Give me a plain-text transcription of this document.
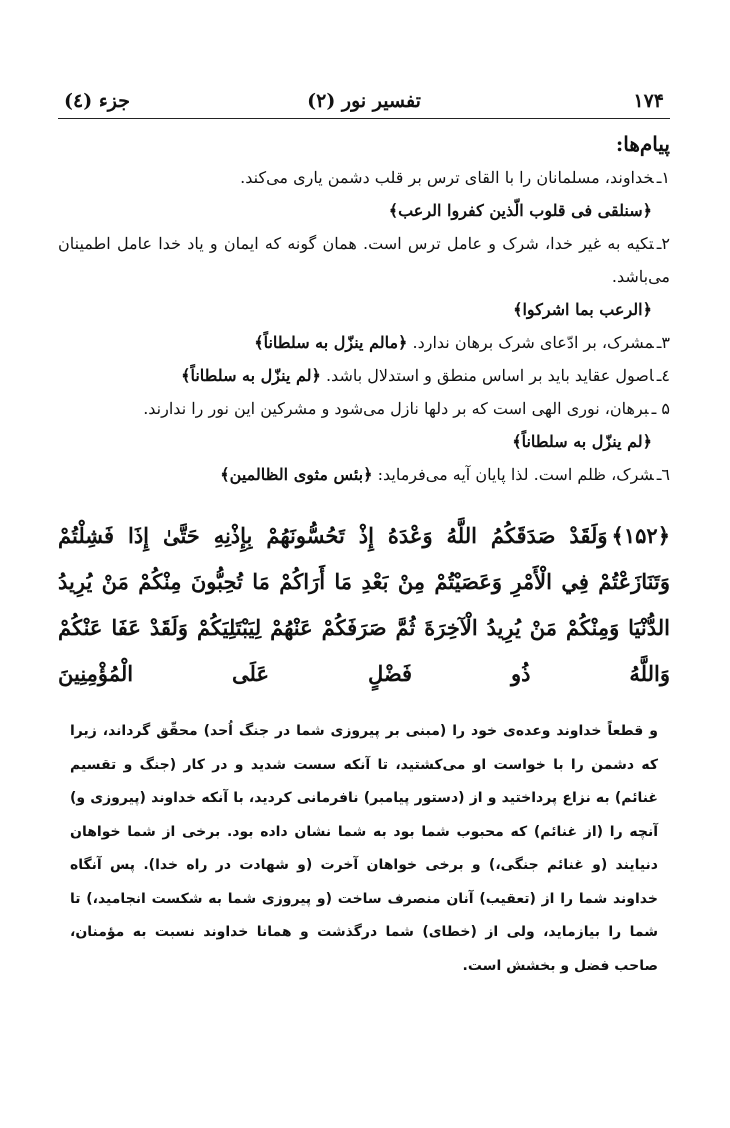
۱۷۴
تفسیر نور (۲)
جزء (٤)
پیام‌ها:

۱ـخداوند، مسلمانان را با القای ترس بر قلب دشمن یاری می‌کند.
﴿سنلقی فی قلوب الّذین کفروا الرعب﴾

۲ـتکیه به غیر خدا، شرک و عامل ترس است. همان گونه که ایمان و یاد خدا عامل اطمینان می‌باشد.
﴿الرعب بما اشرکوا﴾

۳ـمشرک، بر ادّعای شرک برهان ندارد. ﴿مالم ینزّل به سلطاناً﴾

٤ـاصول عقاید باید بر اساس منطق و استدلال باشد. ﴿لم ینزّل به سلطاناً﴾

۵ ـبرهان، نوری الهی است که بر دلها نازل می‌شود و مشرکین این نور را ندارند.
﴿لم ینزّل به سلطاناً﴾

٦ـشرک، ظلم است. لذا پایان آیه می‌فرماید: ﴿بئس مثوی الظالمین﴾

﴿۱۵۲﴾وَلَقَدْ صَدَقَكُمُ اللَّهُ وَعْدَهُ إِذْ تَحُسُّونَهُمْ بِإِذْنِهِ حَتَّىٰ إِذَا فَشِلْتُمْ وَتَنَازَعْتُمْ فِي الْأَمْرِ وَعَصَيْتُمْ مِنْ بَعْدِ مَا أَرَاكُمْ مَا تُحِبُّونَ مِنْكُمْ مَنْ يُرِيدُ الدُّنْيَا وَمِنْكُمْ مَنْ يُرِيدُ الْآخِرَةَ ثُمَّ صَرَفَكُمْ عَنْهُمْ لِيَبْتَلِيَكُمْ وَلَقَدْ عَفَا عَنْكُمْ وَاللَّهُ ذُو فَضْلٍ عَلَى الْمُؤْمِنِينَ
و قطعاً خداوند وعده‌ی خود را (مبنی بر پیروزی شما در جنگ اُحد) محقّق گرداند، زیرا که دشمن را با خواست او می‌کشتید، تا آنکه سست شدید و در کار (جنگ و تقسیم غنائم) به نزاع پرداختید و از (دستور پیامبر) نافرمانی کردید، با آنکه خداوند (پیروزی و) آنچه را (از غنائم) که محبوب شما بود به شما نشان داده بود. برخی از شما خواهان دنیایند (و غنائم جنگی،) و برخی خواهان آخرت (و شهادت در راه خدا). پس آنگاه خداوند شما را از (تعقیب) آنان منصرف ساخت (و پیروزی شما به شکست انجامید،) تا شما را بیازماید، ولی از (خطای) شما درگذشت و همانا خداوند نسبت به مؤمنان، صاحب فضل و بخشش است.
